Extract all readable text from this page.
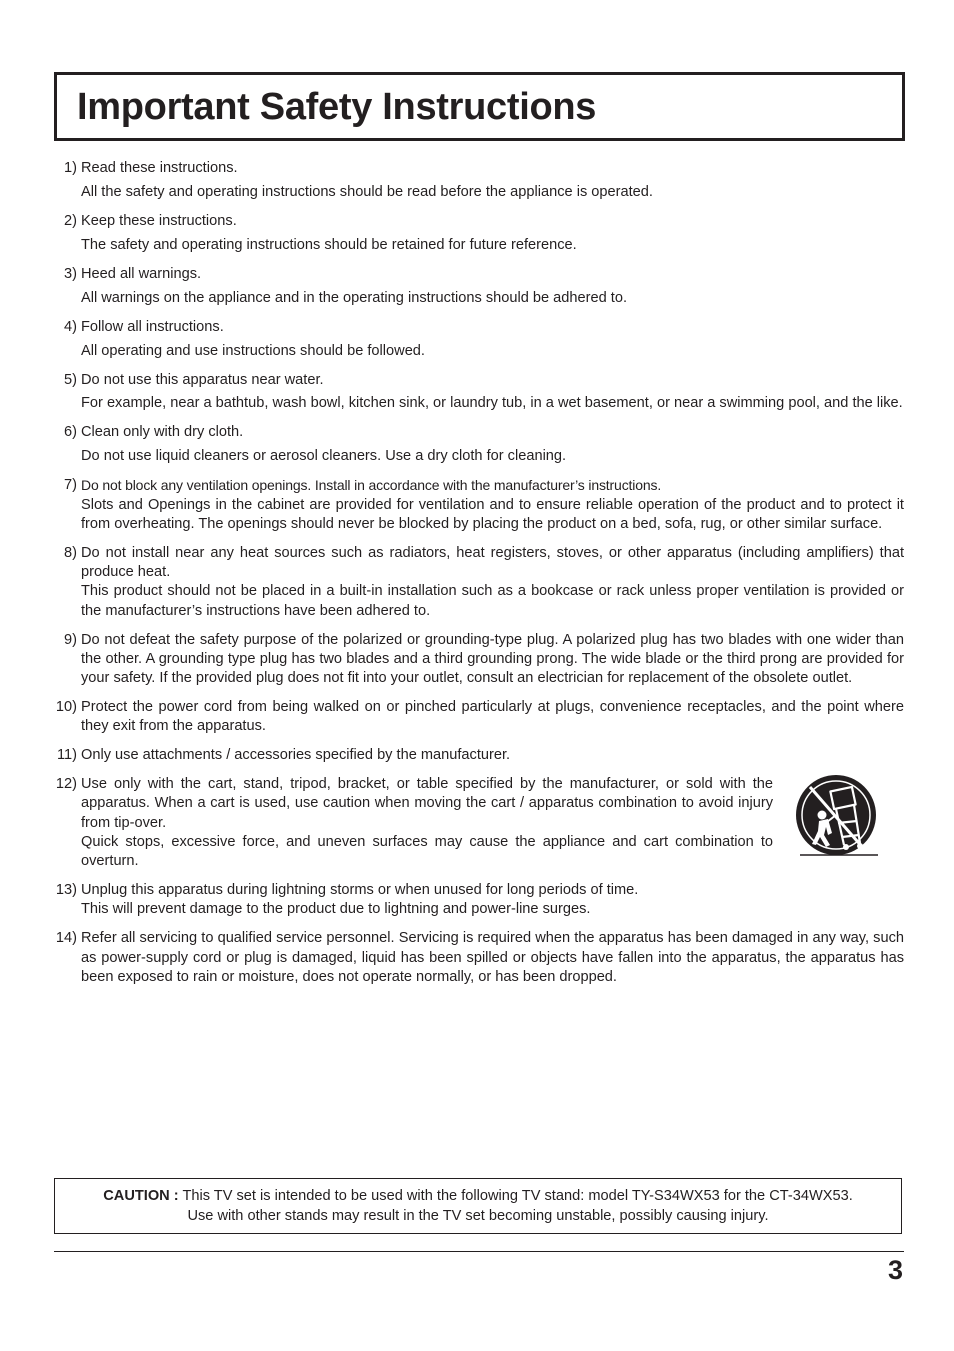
Important Safety Instructions
1) Read these instructions.

All the safety and operating instructions should be read before the appliance is operated.

2) Keep these instructions.

The safety and operating instructions should be retained for future reference.

3) Heed all warnings.

All warnings on the appliance and in the operating instructions should be adhered to.

4) Follow all instructions.

All operating and use instructions should be followed.

5) Do not use this apparatus near water.

For example, near a bathtub, wash bowl, kitchen sink, or laundry tub, in a wet basement, or near a swimming pool, and the like.

6) Clean only with dry cloth.

Do not use liquid cleaners or aerosol cleaners. Use a dry cloth for cleaning.

7) Do not block any ventilation openings. Install in accordance with the manufacturer’s instructions.

Slots and Openings in the cabinet are provided for ventilation and to ensure reliable operation of the product and to protect it from overheating. The openings should never be blocked by placing the product on a bed, sofa, rug, or other similar surface.

8) Do not install near any heat sources such as radiators, heat registers, stoves, or other apparatus (including amplifiers) that produce heat.

This product should not be placed in a built-in installation such as a bookcase or rack unless proper ventilation is provided or the manufacturer’s instructions have been adhered to.

9) Do not defeat the safety purpose of the polarized or grounding-type plug. A polarized plug has two blades with one wider than the other. A grounding type plug has two blades and a third grounding prong. The wide blade or the third prong are provided for your safety. If the provided plug does not fit into your outlet, consult an electrician for replacement of the obsolete outlet.

10) Protect the power cord from being walked on or pinched particularly at plugs, convenience receptacles, and the point where they exit from the apparatus.

11) Only use attachments / accessories specified by the manufacturer.

12) Use only with the cart, stand, tripod, bracket, or table specified by the manufacturer, or sold with the apparatus. When a cart is used, use caution when moving the cart / apparatus combination to avoid injury from tip-over.

Quick stops, excessive force, and uneven surfaces may cause the appliance and cart combination to overturn.

13) Unplug this apparatus during lightning storms or when unused for long periods of time.

This will prevent damage to the product due to lightning and power-line surges.

14) Refer all servicing to qualified service personnel. Servicing is required when the apparatus has been damaged in any way, such as power-supply cord or plug is damaged, liquid has been spilled or objects have fallen into the apparatus, the apparatus has been exposed to rain or moisture, does not operate normally, or has been dropped.

CAUTION : This TV set is intended to be used with the following TV stand: model TY-S34WX53 for the CT-34WX53.
Use with other stands may result in the TV set becoming unstable, possibly causing injury.
3
